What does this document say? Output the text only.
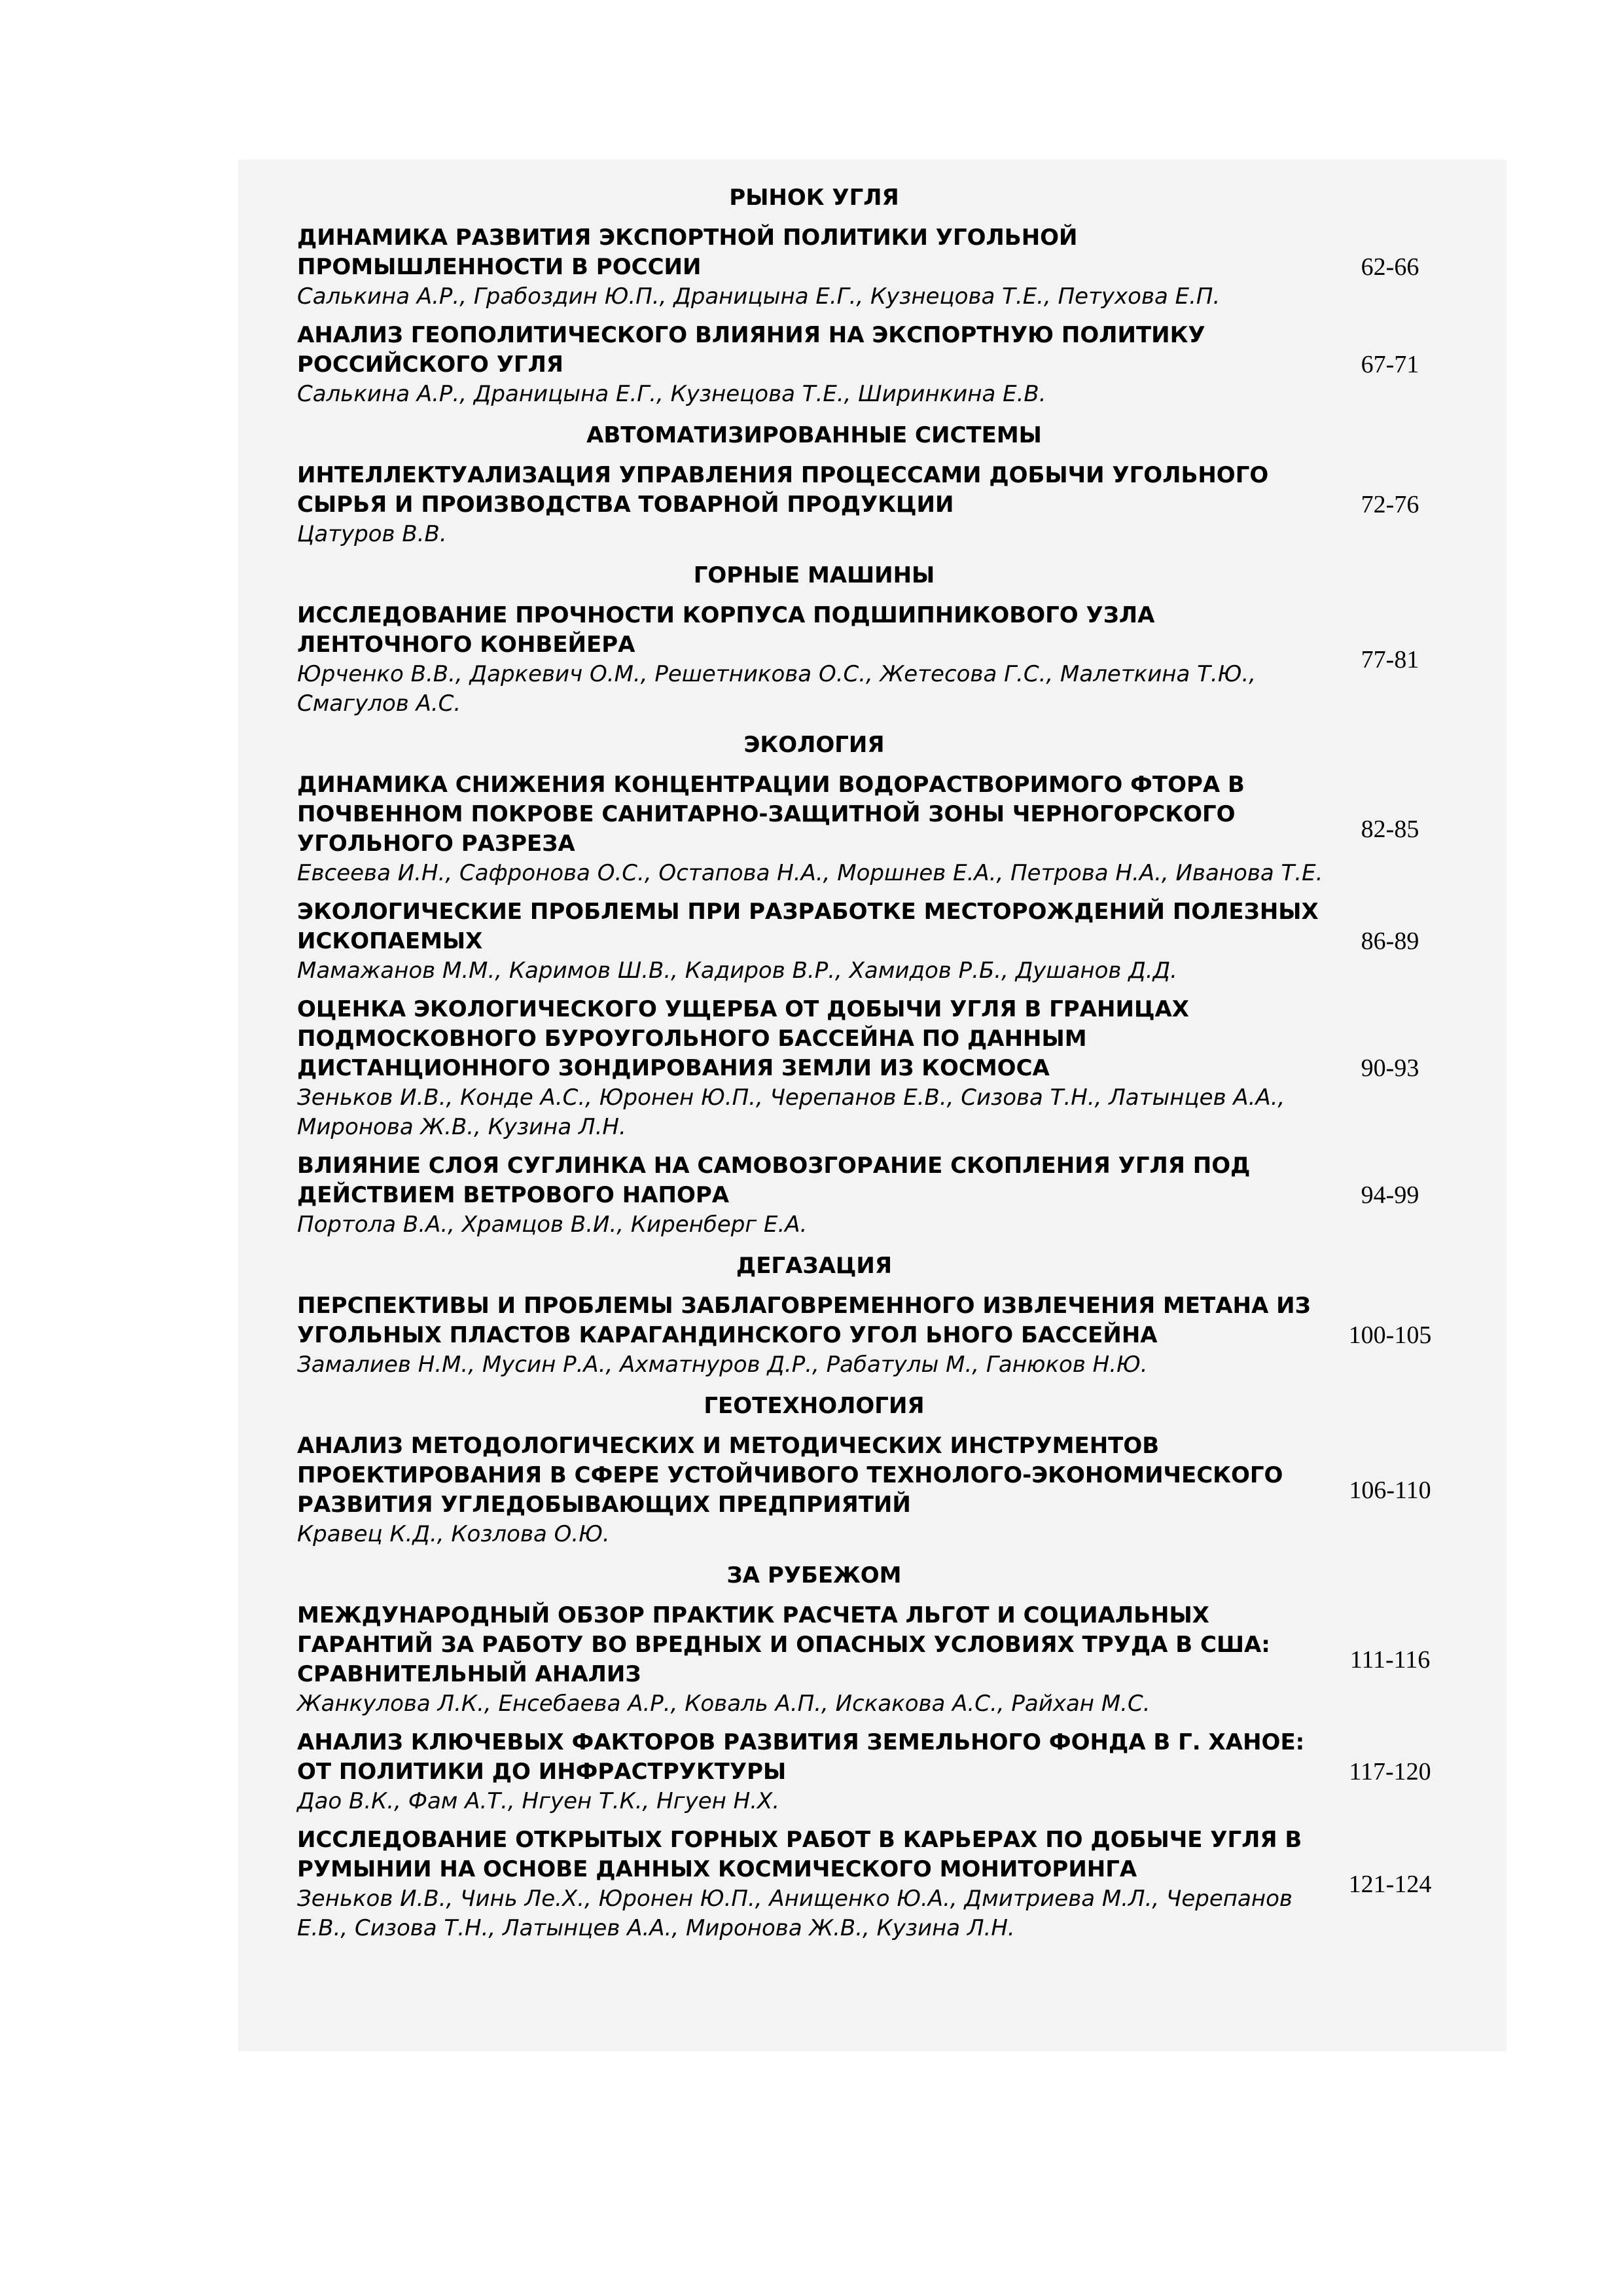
РЫНОК УГЛЯ
ДИНАМИКА РАЗВИТИЯ ЭКСПОРТНОЙ ПОЛИТИКИ УГОЛЬНОЙ
ПРОМЫШЛЕННОСТИ В РОССИИ
Салькина А.Р., Грабоздин Ю.П., Драницына Е.Г., Кузнецова Т.Е., Петухова Е.П.
62-66
АНАЛИЗ ГЕОПОЛИТИЧЕСКОГО ВЛИЯНИЯ НА ЭКСПОРТНУЮ ПОЛИТИКУ
РОССИЙСКОГО УГЛЯ
Салькина А.Р., Драницына Е.Г., Кузнецова Т.Е., Ширинкина Е.В.
67-71
АВТОМАТИЗИРОВАННЫЕ СИСТЕМЫ
ИНТЕЛЛЕКТУАЛИЗАЦИЯ УПРАВЛЕНИЯ ПРОЦЕССАМИ ДОБЫЧИ УГОЛЬНОГО
СЫРЬЯ И ПРОИЗВОДСТВА ТОВАРНОЙ ПРОДУКЦИИ
Цатуров В.В.
72-76
ГОРНЫЕ МАШИНЫ
ИССЛЕДОВАНИЕ ПРОЧНОСТИ КОРПУСА ПОДШИПНИКОВОГО УЗЛА
ЛЕНТОЧНОГО КОНВЕЙЕРА
Юрченко В.В., Даркевич О.М., Решетникова О.С., Жетесова Г.С., Малеткина Т.Ю.,
Смагулов А.С.
77-81
ЭКОЛОГИЯ
ДИНАМИКА СНИЖЕНИЯ КОНЦЕНТРАЦИИ ВОДОРАСТВОРИМОГО ФТОРА В
ПОЧВЕННОМ ПОКРОВЕ САНИТАРНО-ЗАЩИТНОЙ ЗОНЫ ЧЕРНОГОРСКОГО
УГОЛЬНОГО РАЗРЕЗА
Евсеева И.Н., Сафронова О.С., Остапова Н.А., Моршнев Е.А., Петрова Н.А., Иванова Т.Е.
82-85
ЭКОЛОГИЧЕСКИЕ ПРОБЛЕМЫ ПРИ РАЗРАБОТКЕ МЕСТОРОЖДЕНИЙ ПОЛЕЗНЫХ
ИСКОПАЕМЫХ
Мамажанов М.М., Каримов Ш.В., Кадиров В.Р., Хамидов Р.Б., Душанов Д.Д.
86-89
ОЦЕНКА ЭКОЛОГИЧЕСКОГО УЩЕРБА ОТ ДОБЫЧИ УГЛЯ В ГРАНИЦАХ
ПОДМОСКОВНОГО БУРОУГОЛЬНОГО БАССЕЙНА ПО ДАННЫМ
ДИСТАНЦИОННОГО ЗОНДИРОВАНИЯ ЗЕМЛИ ИЗ КОСМОСА
Зеньков И.В., Конде А.С., Юронен Ю.П., Черепанов Е.В., Сизова Т.Н., Латынцев А.А.,
Миронова Ж.В., Кузина Л.Н.
90-93
ВЛИЯНИЕ СЛОЯ СУГЛИНКА НА САМОВОЗГОРАНИЕ СКОПЛЕНИЯ УГЛЯ ПОД
ДЕЙСТВИЕМ ВЕТРОВОГО НАПОРА
Портола В.А., Храмцов В.И., Киренберг Е.А.
94-99
ДЕГАЗАЦИЯ
ПЕРСПЕКТИВЫ И ПРОБЛЕМЫ ЗАБЛАГОВРЕМЕННОГО ИЗВЛЕЧЕНИЯ МЕТАНА ИЗ
УГОЛЬНЫХ ПЛАСТОВ КАРАГАНДИНСКОГО УГОЛ ЬНОГО БАССЕЙНА
Замалиев Н.М., Мусин Р.А., Ахматнуров Д.Р., Рабатулы М., Ганюков Н.Ю.
100-105
ГЕОТЕХНОЛОГИЯ
АНАЛИЗ МЕТОДОЛОГИЧЕСКИХ И МЕТОДИЧЕСКИХ ИНСТРУМЕНТОВ
ПРОЕКТИРОВАНИЯ В СФЕРЕ УСТОЙЧИВОГО ТЕХНОЛОГО-ЭКОНОМИЧЕСКОГО
РАЗВИТИЯ УГЛЕДОБЫВАЮЩИХ ПРЕДПРИЯТИЙ
Кравец К.Д., Козлова О.Ю.
106-110
ЗА РУБЕЖОМ
МЕЖДУНАРОДНЫЙ ОБЗОР ПРАКТИК РАСЧЕТА ЛЬГОТ И СОЦИАЛЬНЫХ
ГАРАНТИЙ ЗА РАБОТУ ВО ВРЕДНЫХ И ОПАСНЫХ УСЛОВИЯХ ТРУДА В США:
СРАВНИТЕЛЬНЫЙ АНАЛИЗ
Жанкулова Л.К., Енсебаева А.Р., Коваль А.П., Искакова А.С., Райхан М.С.
111-116
АНАЛИЗ КЛЮЧЕВЫХ ФАКТОРОВ РАЗВИТИЯ ЗЕМЕЛЬНОГО ФОНДА В Г. ХАНОЕ:
ОТ ПОЛИТИКИ ДО ИНФРАСТРУКТУРЫ
Дао В.К., Фам А.Т., Нгуен Т.К., Нгуен Н.Х.
117-120
ИССЛЕДОВАНИЕ ОТКРЫТЫХ ГОРНЫХ РАБОТ В КАРЬЕРАХ ПО ДОБЫЧЕ УГЛЯ В
РУМЫНИИ НА ОСНОВЕ ДАННЫХ КОСМИЧЕСКОГО МОНИТОРИНГА
Зеньков И.В., Чинь Ле.Х., Юронен Ю.П., Анищенко Ю.А., Дмитриева М.Л., Черепанов
Е.В., Сизова Т.Н., Латынцев А.А., Миронова Ж.В., Кузина Л.Н.
121-124
